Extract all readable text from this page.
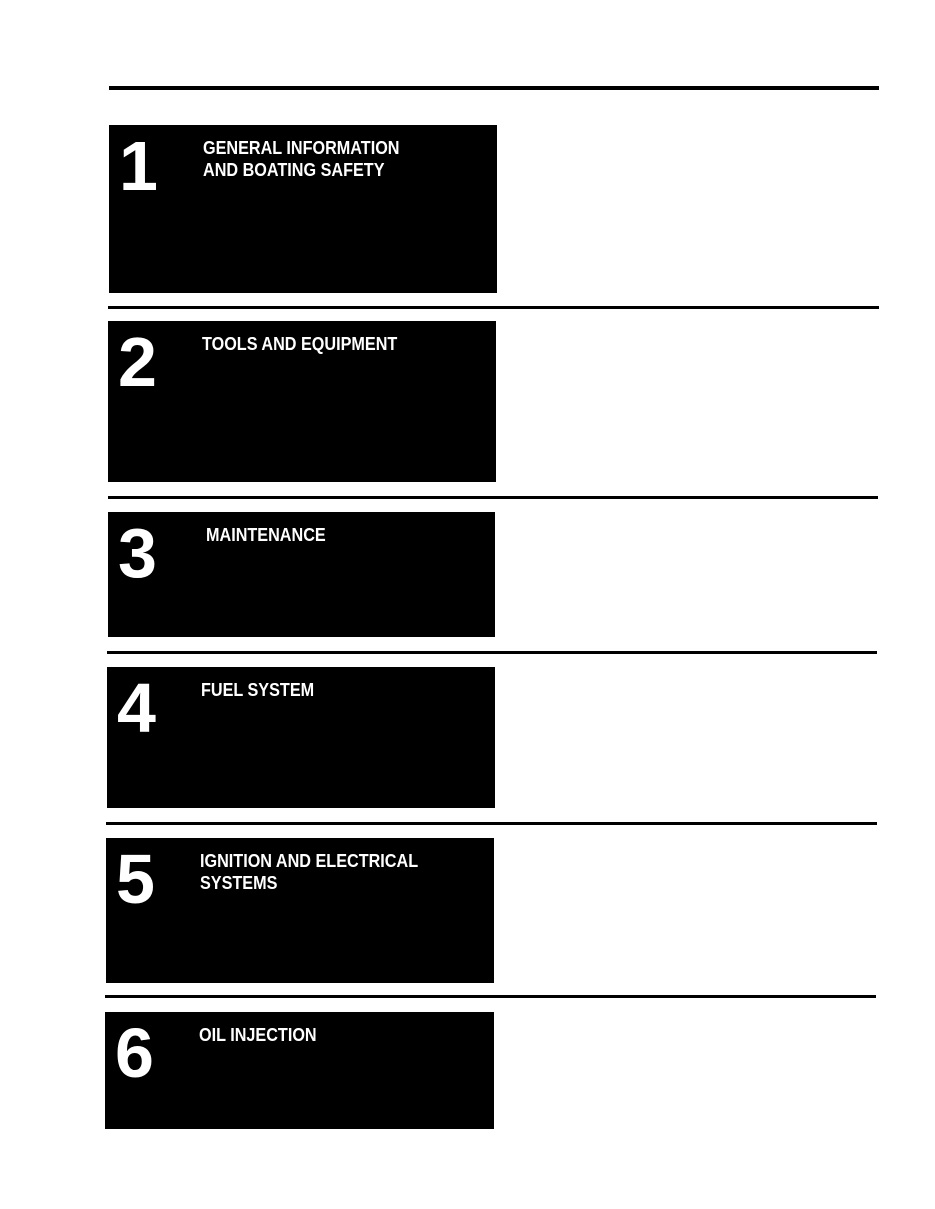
1	GENERAL INFORMATION
AND BOATING SAFETY
2	TOOLS AND EQUIPMENT
3	MAINTENANCE
4	FUEL SYSTEM
5	IGNITION AND ELECTRICAL
SYSTEMS
6	OIL INJECTION
